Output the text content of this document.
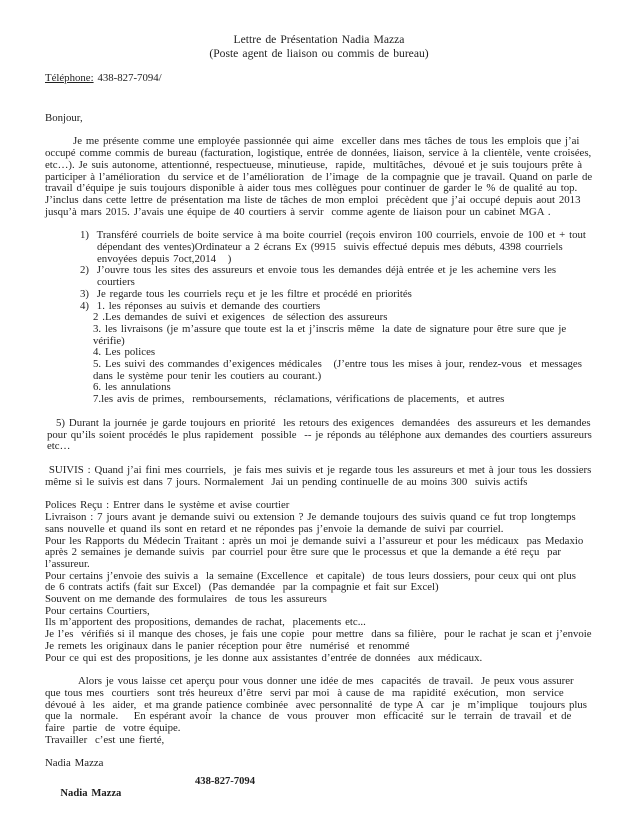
Lettre de Présentation Nadia Mazza
(Poste agent de liaison ou commis de bureau)
Téléphone: 438-827-7094/
Bonjour,
Je me présente comme une employée passionnée qui aime  exceller dans mes tâches de tous les emplois que j’ai occupé comme commis de bureau (facturation, logistique, entrée de données, liaison, service à la clientèle, vente croisées, etc…). Je suis autonome, attentionné, respectueuse, minutieuse,  rapide,  multitâches,  dévoué et je suis toujours prête à participer à l’amélioration  du service et de l’amélioration  de l’image  de la compagnie que je travail. Quand on parle de travail d’équipe je suis toujours disponible à aider tous mes collègues pour continuer de garder le % de qualité au top.    J’inclus dans cette lettre de présentation ma liste de tâches de mon emploi  précèdent que j’ai occupé depuis aout 2013  jusqu’à mars 2015. J’avais une équipe de 40 courtiers à servir  comme agente de liaison pour un cabinet MGA .
1)  Transféré courriels de boite service à ma boite courriel (reçois environ 100 courriels, envoie de 100 et + tout dépendant des ventes)Ordinateur a 2 écrans Ex (9915  suivis effectué depuis mes débuts, 4398 courriels envoyées depuis 7oct,2014   )
2)  J’ouvre tous les sites des assureurs et envoie tous les demandes déjà entrée et je les achemine vers les courtiers
3)  Je regarde tous les courriels reçu et je les filtre et procédé en priorités
4)  1. les réponses au suivis et demande des courtiers
2 .Les demandes de suivi et exigences  de sélection des assureurs
3. les livraisons (je m’assure que toute est la et j’inscris même  la date de signature pour être sure que je vérifie)
4. Les polices
5. Les suivi des commandes d’exigences médicales   (J’entre tous les mises à jour, rendez-vous  et messages dans le système pour tenir les coutiers au courant.)
6. les annulations
7.les avis de primes,  remboursements,  réclamations, vérifications de placements,  et autres
5) Durant la journée je garde toujours en priorité  les retours des exigences  demandées  des assureurs et les demandes pour qu’ils soient procédés le plus rapidement  possible  -- je réponds au téléphone aux demandes des courtiers assureurs etc…
SUIVIS : Quand j’ai fini mes courriels,  je fais mes suivis et je regarde tous les assureurs et met à jour tous les dossiers même si le suivis est dans 7 jours. Normalement  Jai un pending continuelle de au moins 300  suivis actifs
Polices Reçu : Entrer dans le système et avise courtier
Livraison : 7 jours avant je demande suivi ou extension ? Je demande toujours des suivis quand ce fut trop longtemps sans nouvelle et quand ils sont en retard et ne répondes pas j’envoie la demande de suivi par courriel.
Pour les Rapports du Médecin Traitant : après un moi je demande suivi a l’assureur et pour les médicaux  pas Medaxio  après 2 semaines je demande suivis  par courriel pour être sure que le processus et que la demande a été reçu  par l’assureur.
Pour certains j’envoie des suivis a  la semaine (Excellence  et capitale)  de tous leurs dossiers, pour ceux qui ont plus  de 6 contrats actifs (fait sur Excel)  (Pas demandée  par la compagnie et fait sur Excel)
Souvent on me demande des formulaires  de tous les assureurs
Pour certains Courtiers,
Ils m’apportent des propositions, demandes de rachat,  placements etc...
Je l’es  vérifiés si il manque des choses, je fais une copie  pour mettre  dans sa filière,  pour le rachat je scan et j’envoie Je remets les originaux dans le panier réception pour être  numérisé  et renommé
Pour ce qui est des propositions, je les donne aux assistantes d’entrée de données  aux médicaux.
Alors je vous laisse cet aperçu pour vous donner une idée de mes  capacités  de travail.  Je peux vous assurer que tous mes  courtiers  sont trés heureux d’être  servi par moi  à cause de  ma  rapidité  exécution,  mon  service  dévoué à  les  aider,  et ma grande patience combinée  avec personnalité  de type A  car  je  m’implique   toujours plus  que la  normale.    En espérant avoir  la chance  de  vous  prouver  mon  efficacité  sur le  terrain  de travail  et de  faire  partie  de  votre équipe.
Travailler  c’est une fierté,
Nadia Mazza

Nadia Mazza

438-827-7094
